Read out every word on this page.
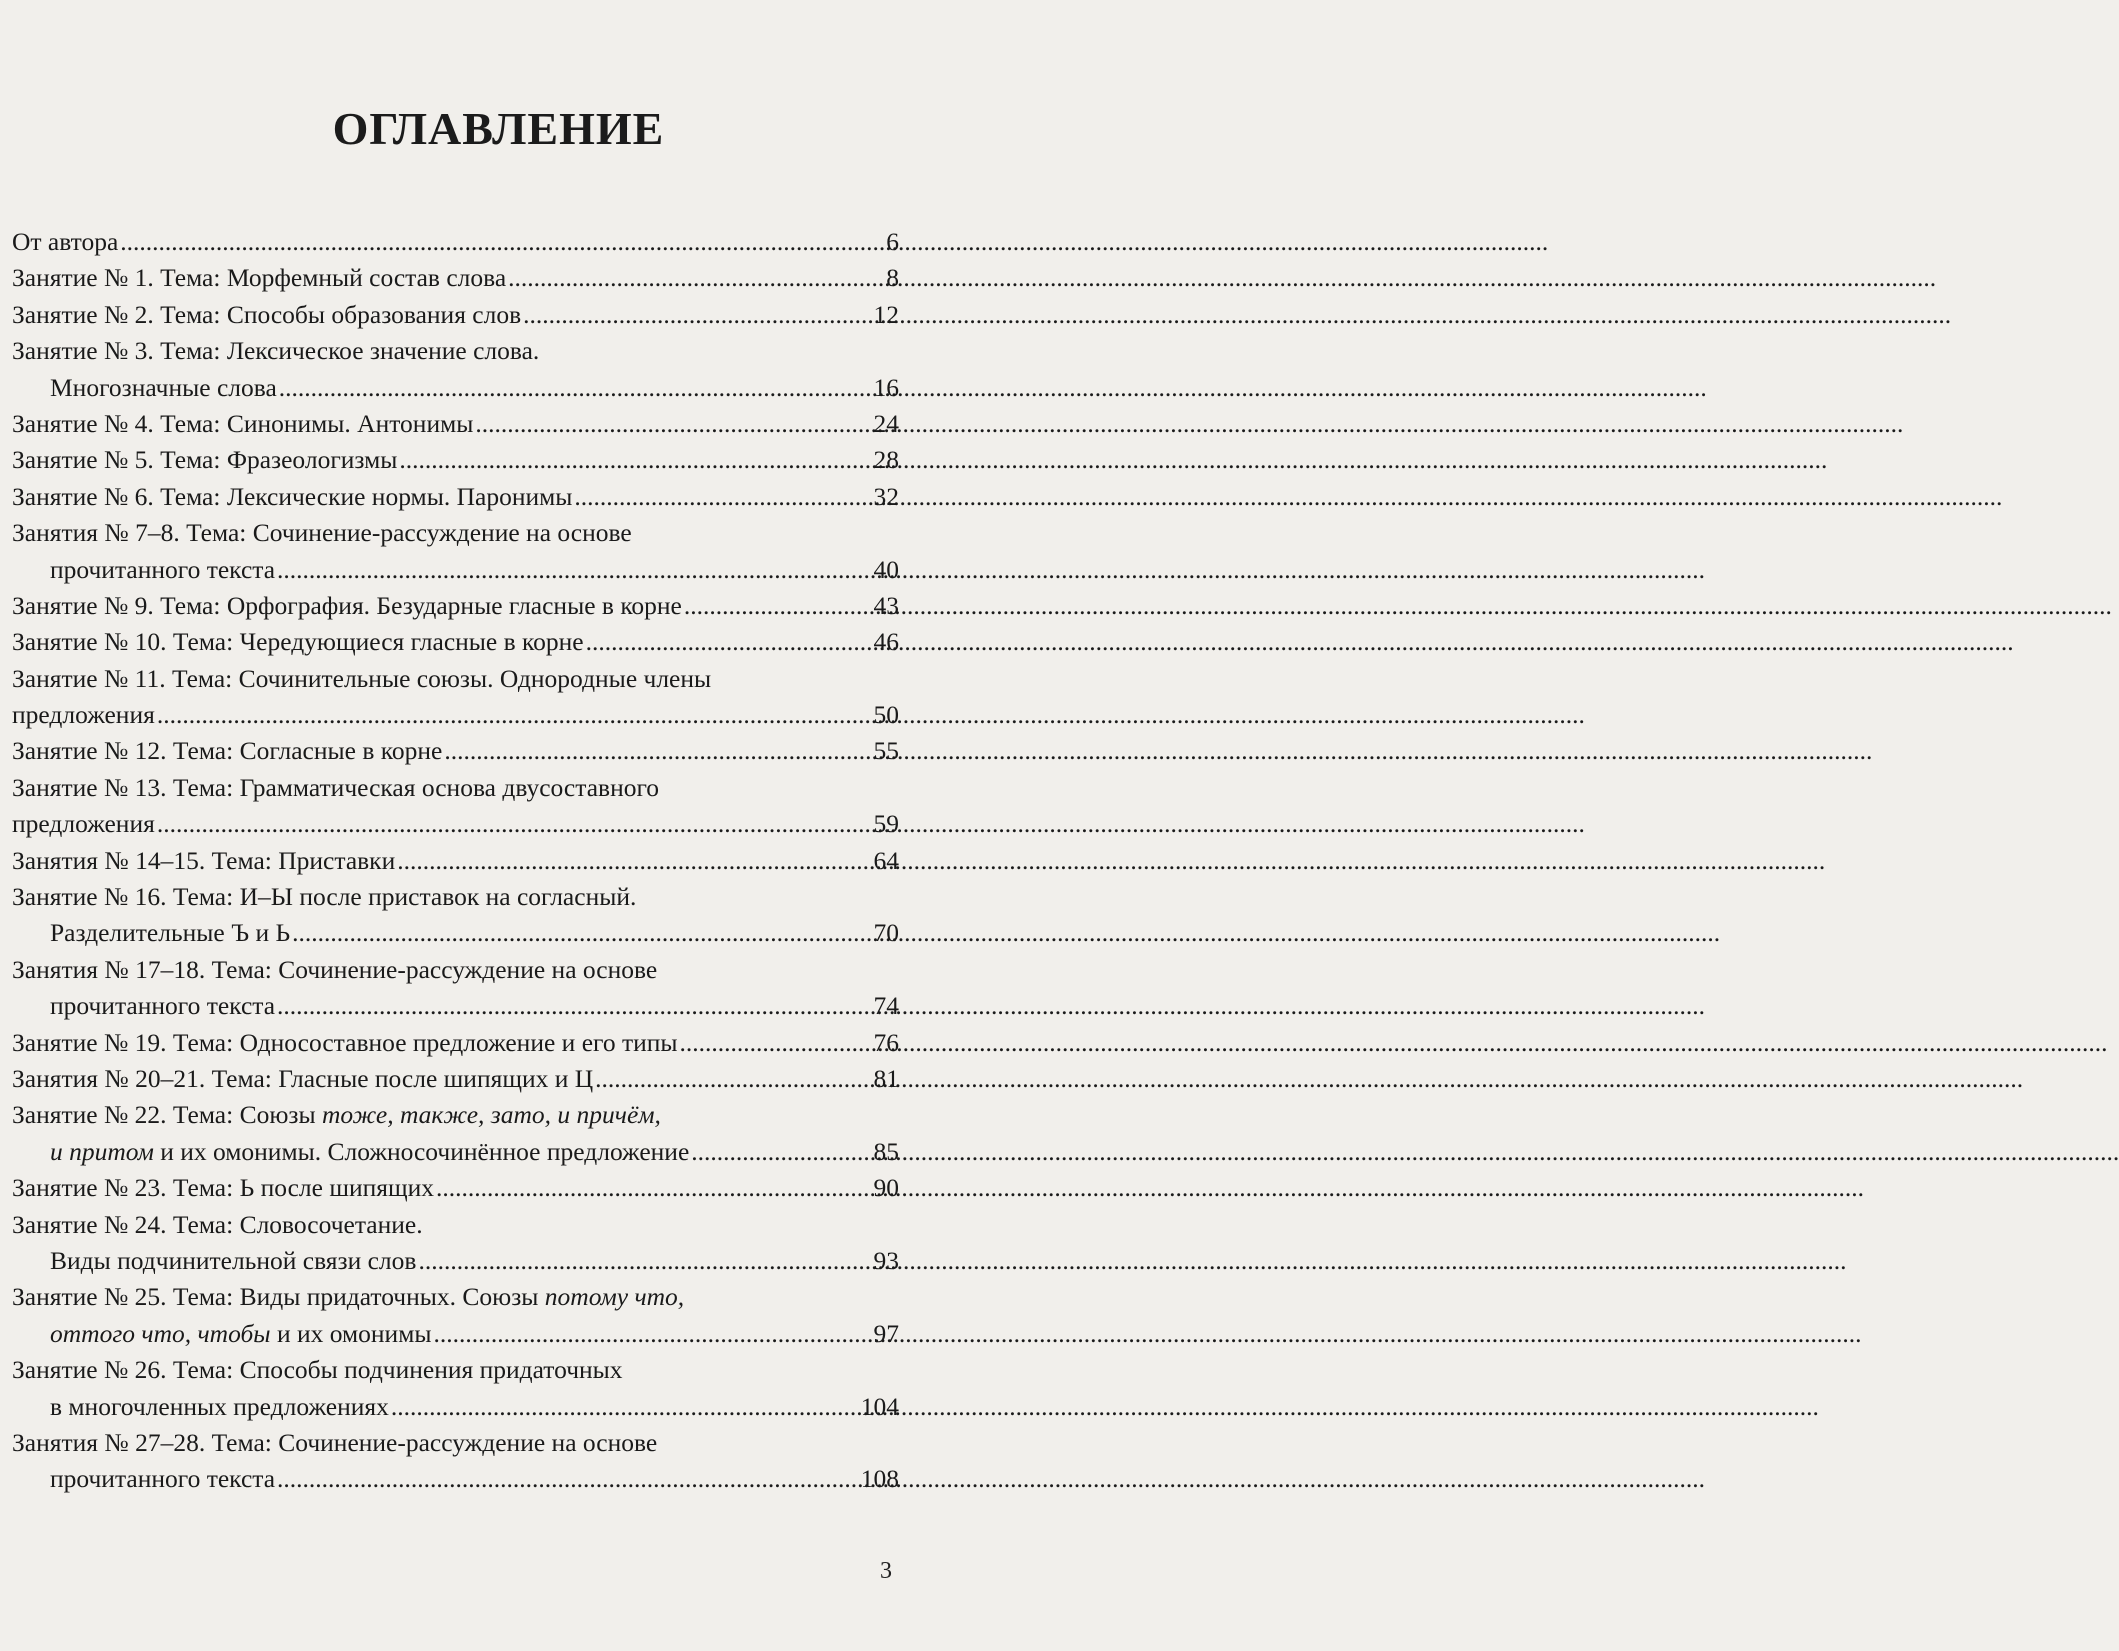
ОГЛАВЛЕНИЕ
От автора .....	6
Занятие № 1. Тема: Морфемный состав слова .....	8
Занятие № 2. Тема: Способы образования слов .....	12
Занятие № 3. Тема: Лексическое значение слова.
Многозначные слова .....	16
Занятие № 4. Тема: Синонимы. Антонимы .....	24
Занятие № 5. Тема: Фразеологизмы .....	28
Занятие № 6. Тема: Лексические нормы. Паронимы .....	32
Занятия № 7–8. Тема: Сочинение-рассуждение на основе
прочитанного текста .....	40
Занятие № 9. Тема: Орфография. Безударные гласные в корне .....	43
Занятие № 10. Тема: Чередующиеся гласные в корне .....	46
Занятие № 11. Тема: Сочинительные союзы. Однородные члены
предложения .....	50
Занятие № 12. Тема: Согласные в корне .....	55
Занятие № 13. Тема: Грамматическая основа двусоставного
предложения .....	59
Занятия № 14–15. Тема: Приставки .....	64
Занятие № 16. Тема: И–Ы после приставок на согласный.
Разделительные Ъ и Ь .....	70
Занятия № 17–18. Тема: Сочинение-рассуждение на основе
прочитанного текста .....	74
Занятие № 19. Тема: Односоставное предложение и его типы .....	76
Занятия № 20–21. Тема: Гласные после шипящих и Ц .....	81
Занятие № 22. Тема: Союзы тоже, также, зато, и причём,
и притом и их омонимы. Сложносочинённое предложение .....	85
Занятие № 23. Тема: Ь после шипящих .....	90
Занятие № 24. Тема: Словосочетание.
Виды подчинительной связи слов .....	93
Занятие № 25. Тема: Виды придаточных. Союзы потому что,
оттого что, чтобы и их омонимы .....	97
Занятие № 26. Тема: Способы подчинения придаточных
в многочленных предложениях .....	104
Занятия № 27–28. Тема: Сочинение-рассуждение на основе
прочитанного текста .....	108
3
